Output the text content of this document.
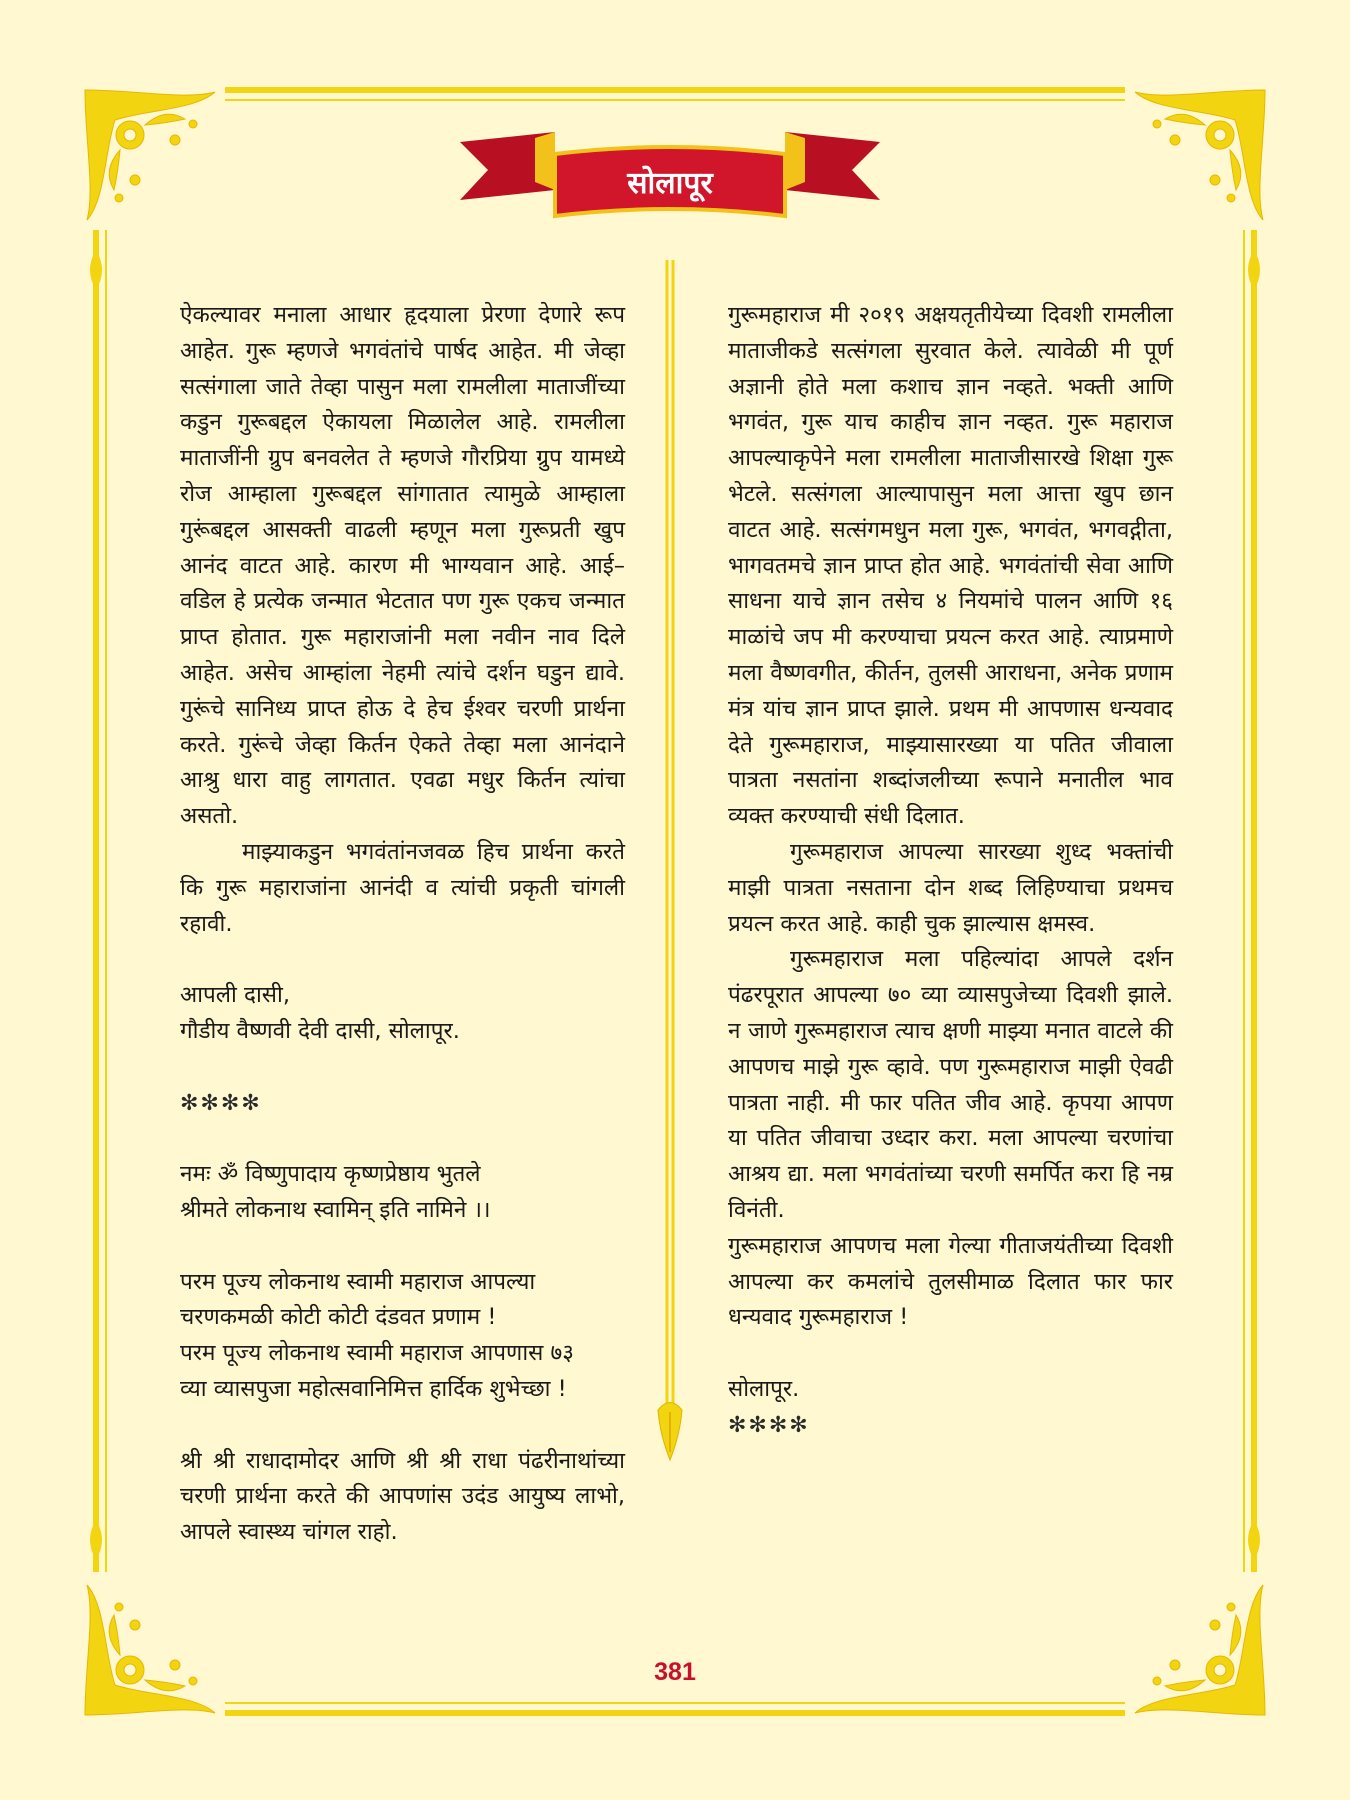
सोलापूर

ऐकल्यावर मनाला आधार हृदयाला प्रेरणा देणारे रूप आहेत. गुरू म्हणजे भगवंतांचे पार्षद आहेत. मी जेव्हा सत्संगाला जाते तेव्हा पासुन मला रामलीला माताजींच्या कडुन गुरूबद्दल ऐकायला मिळालेल आहे. रामलीला माताजींनी ग्रुप बनवलेत ते म्हणजे गौरप्रिया ग्रुप यामध्ये रोज आम्हाला गुरूबद्दल सांगातात त्यामुळे आम्हाला गुरूंबद्दल आसक्ती वाढली म्हणून मला गुरूप्रती खुप आनंद वाटत आहे. कारण मी भाग्यवान आहे. आई–वडिल हे प्रत्येक जन्मात भेटतात पण गुरू एकच जन्मात प्राप्त होतात. गुरू महाराजांनी मला नवीन नाव दिले आहेत. असेच आम्हांला नेहमी त्यांचे दर्शन घडुन द्यावे. गुरूंचे सानिध्य प्राप्त होऊ दे हेच ईश्वर चरणी प्रार्थना करते. गुरूंचे जेव्हा किर्तन ऐकते तेव्हा मला आनंदाने आश्रु धारा वाहु लागतात. एवढा मधुर किर्तन त्यांचा असतो.

माझ्याकडुन भगवंतांनजवळ हिच प्रार्थना करते कि गुरू महाराजांना आनंदी व त्यांची प्रकृती चांगली रहावी.

आपली दासी,

गौडीय वैष्णवी देवी दासी, सोलापूर.

✻✻✻✻

नमः ॐ विष्णुपादाय कृष्णप्रेष्ठाय भुतले

श्रीमते लोकनाथ स्वामिन् इति नामिने ।।

परम पूज्य लोकनाथ स्वामी महाराज आपल्या

चरणकमळी कोटी कोटी दंडवत प्रणाम !

परम पूज्य लोकनाथ स्वामी महाराज आपणास ७३

व्या व्यासपुजा महोत्सवानिमित्त हार्दिक शुभेच्छा !

श्री श्री राधादामोदर आणि श्री श्री राधा पंढरीनाथांच्या चरणी प्रार्थना करते की आपणांस उदंड आयुष्य लाभो, आपले स्वास्थ्य चांगल राहो.

गुरूमहाराज मी २०१९ अक्षयतृतीयेच्या दिवशी रामलीला माताजीकडे सत्संगला सुरवात केले. त्यावेळी मी पूर्ण अज्ञानी होते मला कशाच ज्ञान नव्हते. भक्ती आणि भगवंत, गुरू याच काहीच ज्ञान नव्हत. गुरू महाराज आपल्याकृपेने मला रामलीला माताजीसारखे शिक्षा गुरू भेटले. सत्संगला आल्यापासुन मला आत्ता खुप छान वाटत आहे. सत्संगमधुन मला गुरू, भगवंत, भगवद्गीता, भागवतमचे ज्ञान प्राप्त होत आहे. भगवंतांची सेवा आणि साधना याचे ज्ञान तसेच ४ नियमांचे पालन आणि १६ माळांचे जप मी करण्याचा प्रयत्न करत आहे. त्याप्रमाणे मला वैष्णवगीत, कीर्तन, तुलसी आराधना, अनेक प्रणाम मंत्र यांच ज्ञान प्राप्त झाले. प्रथम मी आपणास धन्यवाद देते गुरूमहाराज, माझ्यासारख्या या पतित जीवाला पात्रता नसतांना शब्दांजलीच्या रूपाने मनातील भाव व्यक्त करण्याची संधी दिलात.

गुरूमहाराज आपल्या सारख्या शुध्द भक्तांची माझी पात्रता नसताना दोन शब्द लिहिण्याचा प्रथमच प्रयत्न करत आहे. काही चुक झाल्यास क्षमस्व.

गुरूमहाराज मला पहिल्यांदा आपले दर्शन पंढरपूरात आपल्या ७० व्या व्यासपुजेच्या दिवशी झाले. न जाणे गुरूमहाराज त्याच क्षणी माझ्या मनात वाटले की आपणच माझे गुरू व्हावे. पण गुरूमहाराज माझी ऐवढी पात्रता नाही. मी फार पतित जीव आहे. कृपया आपण या पतित जीवाचा उध्दार करा. मला आपल्या चरणांचा आश्रय द्या. मला भगवंतांच्या चरणी समर्पित करा हि नम्र विनंती.

गुरूमहाराज आपणच मला गेल्या गीताजयंतीच्या दिवशी आपल्या कर कमलांचे तुलसीमाळ दिलात फार फार धन्यवाद गुरूमहाराज !

सोलापूर.

✻✻✻✻

381
